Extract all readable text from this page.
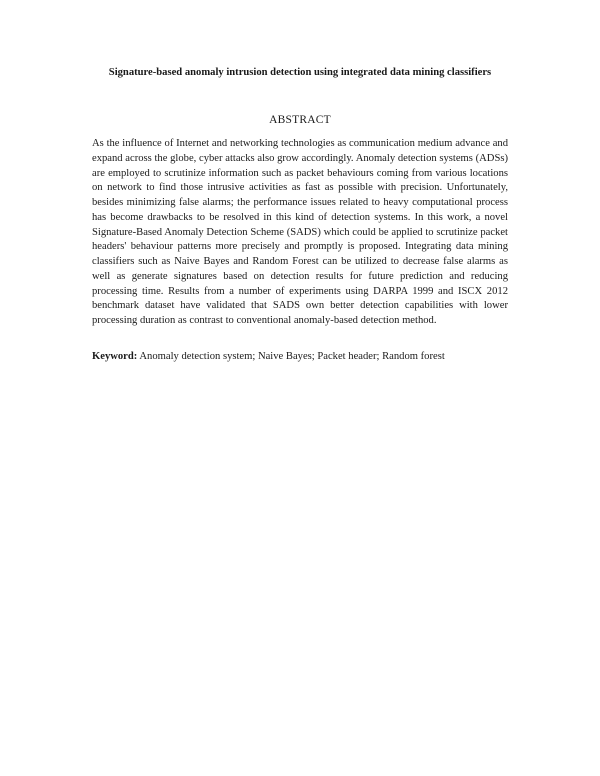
Signature-based anomaly intrusion detection using integrated data mining classifiers
ABSTRACT

As the influence of Internet and networking technologies as communication medium advance and expand across the globe, cyber attacks also grow accordingly. Anomaly detection systems (ADSs) are employed to scrutinize information such as packet behaviours coming from various locations on network to find those intrusive activities as fast as possible with precision. Unfortunately, besides minimizing false alarms; the performance issues related to heavy computational process has become drawbacks to be resolved in this kind of detection systems. In this work, a novel Signature-Based Anomaly Detection Scheme (SADS) which could be applied to scrutinize packet headers' behaviour patterns more precisely and promptly is proposed. Integrating data mining classifiers such as Naive Bayes and Random Forest can be utilized to decrease false alarms as well as generate signatures based on detection results for future prediction and reducing processing time. Results from a number of experiments using DARPA 1999 and ISCX 2012 benchmark dataset have validated that SADS own better detection capabilities with lower processing duration as contrast to conventional anomaly-based detection method.

Keyword: Anomaly detection system; Naive Bayes; Packet header; Random forest
